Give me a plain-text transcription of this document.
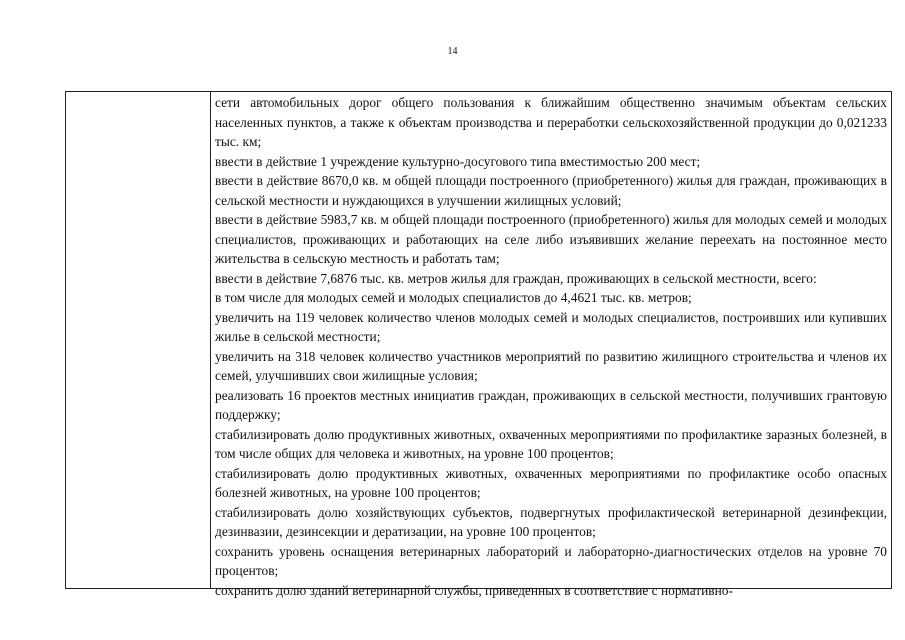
14

сети автомобильных дорог общего пользования к ближайшим общественно значимым объектам сельских населенных пунктов, а также к объектам производства и переработки сельскохозяйственной продукции до 0,021233 тыс. км;

ввести в действие 1 учреждение культурно-досугового типа вместимостью 200 мест;

ввести в действие 8670,0 кв. м общей площади построенного (приобретенного) жилья для граждан, проживающих в сельской местности и нуждающихся в улучшении жилищных условий;

ввести в действие 5983,7 кв. м общей площади построенного (приобретенного) жилья для молодых семей и молодых специалистов, проживающих и работающих на селе либо изъявивших желание переехать на постоянное место жительства в сельскую местность и работать там;

ввести в действие 7,6876 тыс. кв. метров жилья для граждан, проживающих в сельской местности, всего:

в том числе для молодых семей и молодых специалистов до 4,4621 тыс. кв. метров;

увеличить на 119 человек количество членов молодых семей и молодых специалистов, построивших или купивших жилье в сельской местности;

увеличить на 318 человек количество участников мероприятий по развитию жилищного строительства и членов их семей, улучшивших свои жилищные условия;

реализовать 16 проектов местных инициатив граждан, проживающих в сельской местности, получивших грантовую поддержку;

стабилизировать долю продуктивных животных, охваченных мероприятиями по профилактике заразных болезней, в том числе общих для человека и животных, на уровне 100 процентов;

стабилизировать долю продуктивных животных, охваченных мероприятиями по профилактике особо опасных болезней животных, на уровне 100 процентов;

стабилизировать долю хозяйствующих субъектов, подвергнутых профилактической ветеринарной дезинфекции, дезинвазии, дезинсекции и дератизации, на уровне 100 процентов;

сохранить уровень оснащения ветеринарных лабораторий и лабораторно-диагностических отделов на уровне 70 процентов;

сохранить долю зданий ветеринарной службы, приведенных в соответствие с нормативно-
